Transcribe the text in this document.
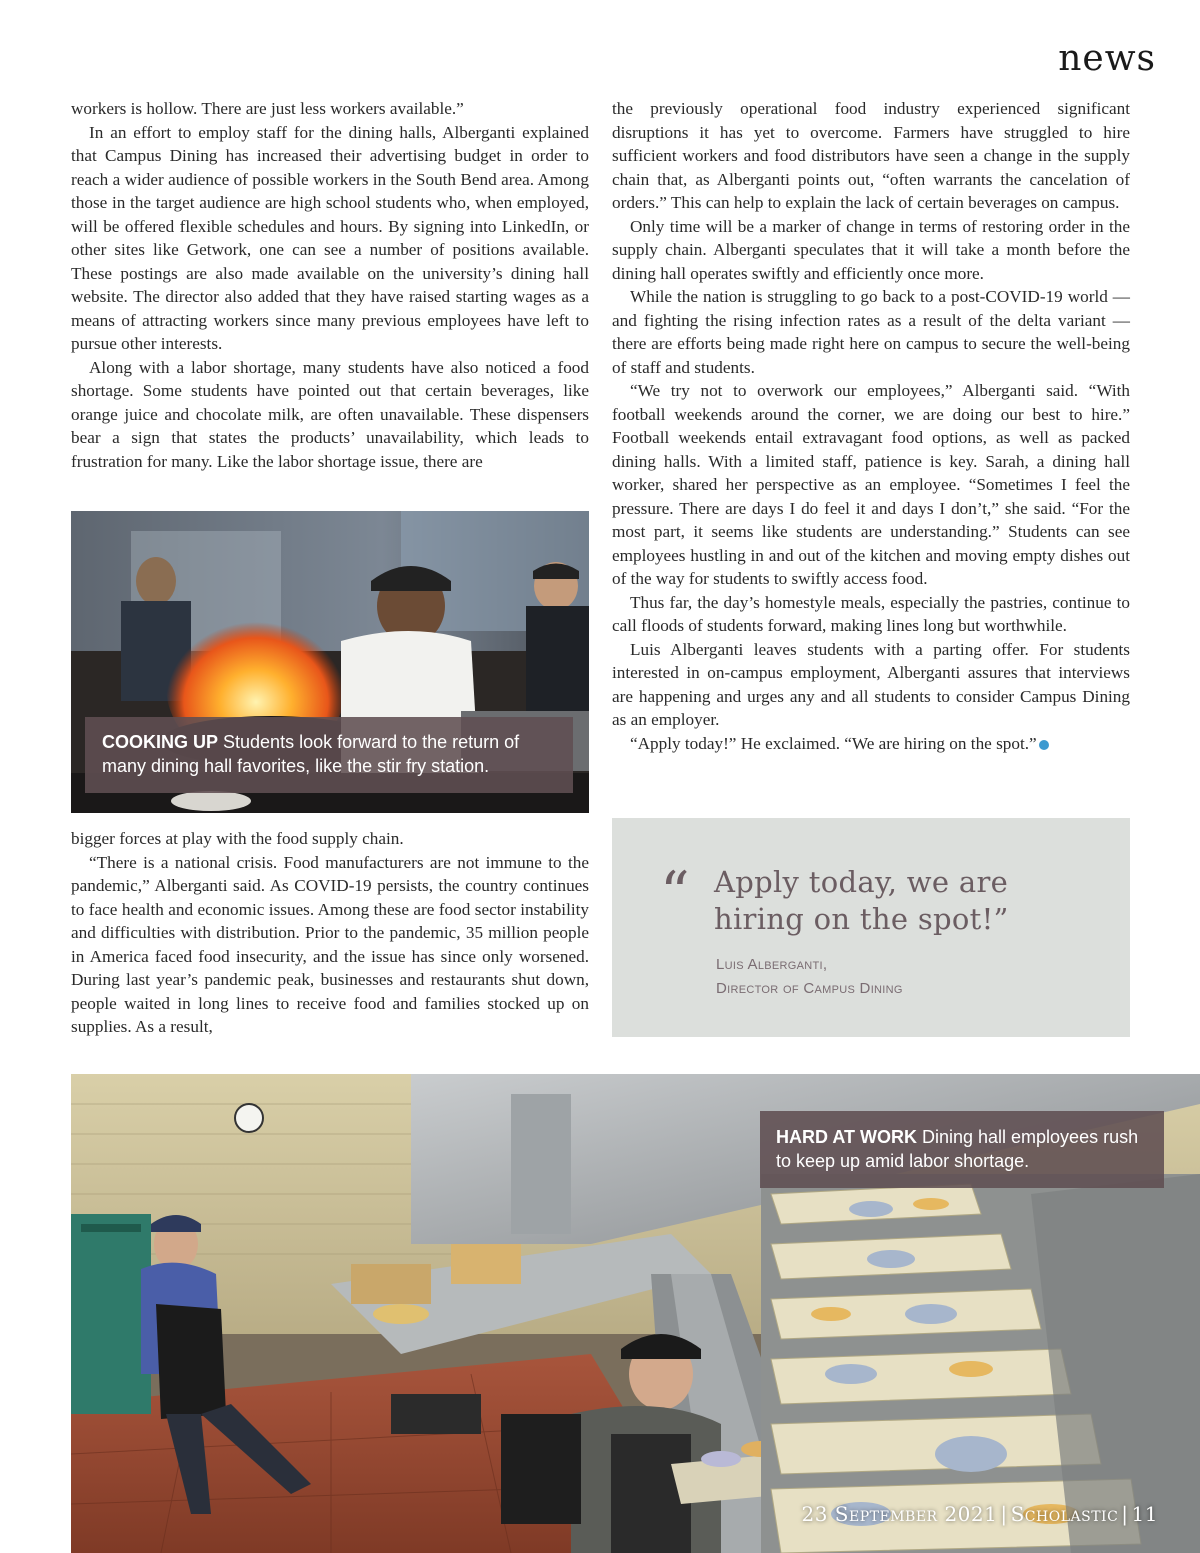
news

workers is hollow. There are just less workers available.”

In an effort to employ staff for the dining halls, Alberganti explained that Campus Dining has increased their advertising budget in order to reach a wider audience of possible workers in the South Bend area. Among those in the target audience are high school students who, when employed, will be offered flexible schedules and hours. By signing into LinkedIn, or other sites like Getwork, one can see a number of positions available. These postings are also made available on the university’s dining hall website. The director also added that they have raised starting wages as a means of attracting workers since many previous employees have left to pursue other interests.

Along with a labor shortage, many students have also noticed a food shortage. Some students have pointed out that certain beverages, like orange juice and chocolate milk, are often unavailable. These dispensers bear a sign that states the products’ unavailability, which leads to frustration for many. Like the labor shortage issue, there are

COOKING UP Students look forward to the return of many dining hall favorites, like the stir fry station.

bigger forces at play with the food supply chain.

“There is a national crisis. Food manufacturers are not immune to the pandemic,” Alberganti said. As COVID-19 persists, the country continues to face health and economic issues. Among these are food sector instability and difficulties with distribution. Prior to the pandemic, 35 million people in America faced food insecurity, and the issue has since only worsened. During last year’s pandemic peak, businesses and restaurants shut down, people waited in long lines to receive food and families stocked up on supplies. As a result,

the previously operational food industry experienced significant disruptions it has yet to overcome. Farmers have struggled to hire sufficient workers and food distributors have seen a change in the supply chain that, as Alberganti points out, “often warrants the cancelation of orders.” This can help to explain the lack of certain beverages on campus.

Only time will be a marker of change in terms of restoring order in the supply chain. Alberganti speculates that it will take a month before the dining hall operates swiftly and efficiently once more.

While the nation is struggling to go back to a post-COVID-19 world — and fighting the rising infection rates as a result of the delta variant — there are efforts being made right here on campus to secure the well-being of staff and students.

“We try not to overwork our employees,” Alberganti said. “With football weekends around the corner, we are doing our best to hire.” Football weekends entail extravagant food options, as well as packed dining halls. With a limited staff, patience is key. Sarah, a dining hall worker, shared her perspective as an employee. “Sometimes I feel the pressure. There are days I do feel it and days I don’t,” she said. “For the most part, it seems like students are understanding.” Students can see employees hustling in and out of the kitchen and moving empty dishes out of the way for students to swiftly access food.

Thus far, the day’s homestyle meals, especially the pastries, continue to call floods of students forward, making lines long but worthwhile.

Luis Alberganti leaves students with a parting offer. For students interested in on-campus employment, Alberganti assures that interviews are happening and urges any and all students to consider Campus Dining as an employer.

“Apply today!” He exclaimed. “We are hiring on the spot.”	S

“ Apply today, we are hiring on the spot!”
Luis Alberganti,
Director of Campus Dining
HARD AT WORK Dining hall employees rush to keep up amid labor shortage.
23 September 2021 | Scholastic | 11
